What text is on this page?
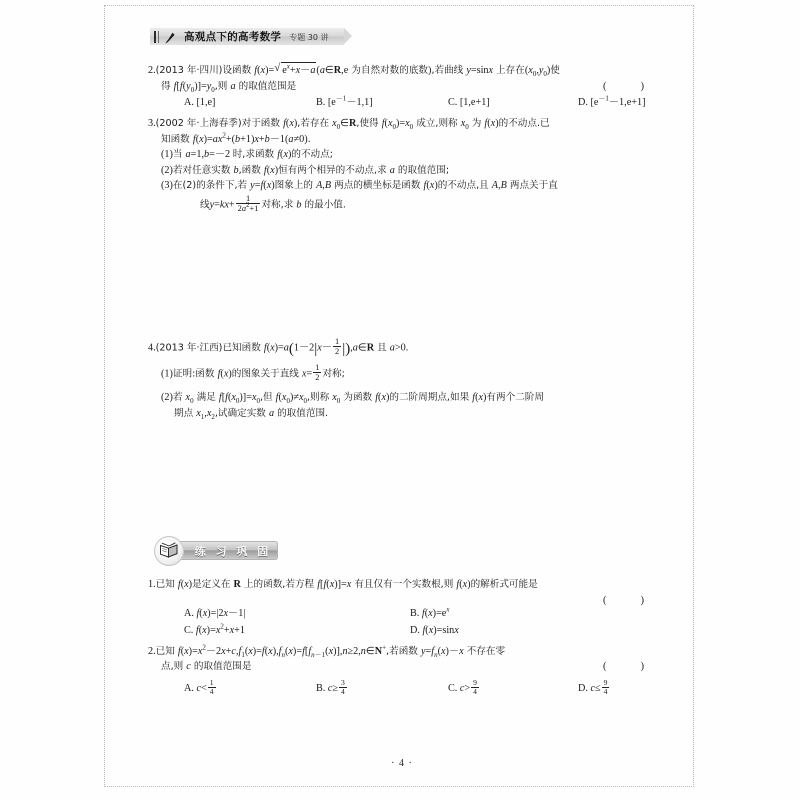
高观点下的高考数学 专题 30 讲
2.(2013 年·四川)设函数 f(x)= √ $e^x+x-a(a\in R,e$ 为自然对数的底数),若曲线 y=sinx 上存在$(x_0,y_0)$使
得 $f[f(y_0)]=y_0$,则 a 的取值范围是	(　)
A. [1,e]	B. $[e^{-1}-1,1]$	C. [1,e+1]	D. $[e^{-1}-1,e+1]$
3.(2002 年·上海春季)对于函数 f(x),若存在 $x_0\in R$,使得 $f(x_0)=x_0$ 成立,则称 $x_0$ 为 f(x)的不动点.已
知函数 $f(x)=ax^2+(b+1)x+b-1(a\ne 0)$.
(1)当 a=1,b=－2 时,求函数 f(x)的不动点;
(2)若对任意实数 b,函数 f(x)恒有两个相异的不动点,求 a 的取值范围;
(3)在(2)的条件下,若 y=f(x)图象上的 A,B 两点的横坐标是函数 f(x)的不动点,且 A,B 两点关于直
线$y=kx+ \frac{1}{2a^2+1}$ 对称,求 b 的最小值.
4.(2013 年·江西)已知函数 $f(x)=a(1-2|x- \frac{1}{2}$ |),a∈R 且 a>0.
(1)证明:函数 f(x)的图象关于直线 $x= \frac{1}{2}$ 对称;
(2)若 $x_0$ 满足 $f[f(x_0)]=x_0$,但 $f(x_0)\ne x_0$,则称 $x_0$ 为函数 f(x)的二阶周期点,如果 f(x)有两个二阶周
期点 $x_1,x_2$,试确定实数 a 的取值范围.
练 习 巩 固
1.已知 f(x)是定义在 R 上的函数,若方程 f[f(x)]=x 有且仅有一个实数根,则 f(x)的解析式可能是
(　)
A. f(x)=|2x－1|	B. $f(x)=e^x$
C. $f(x)=x^2+x+1$	D. f(x)=sinx
2.已知 $f(x)=x^2-2x+c,f_1(x)=f(x),f_n(x)=f[f_{n-1}(x)],n\ge 2,n\in N^+$,若函数 $y=f_n(x)-x$ 不存在零
点,则 c 的取值范围是	(　)
A. $c< \frac{1}{4}$	B. $c\ge \frac{3}{4}$	C. $c> \frac{9}{4}$	D. $c\le \frac{9}{4}$
· 4 ·
